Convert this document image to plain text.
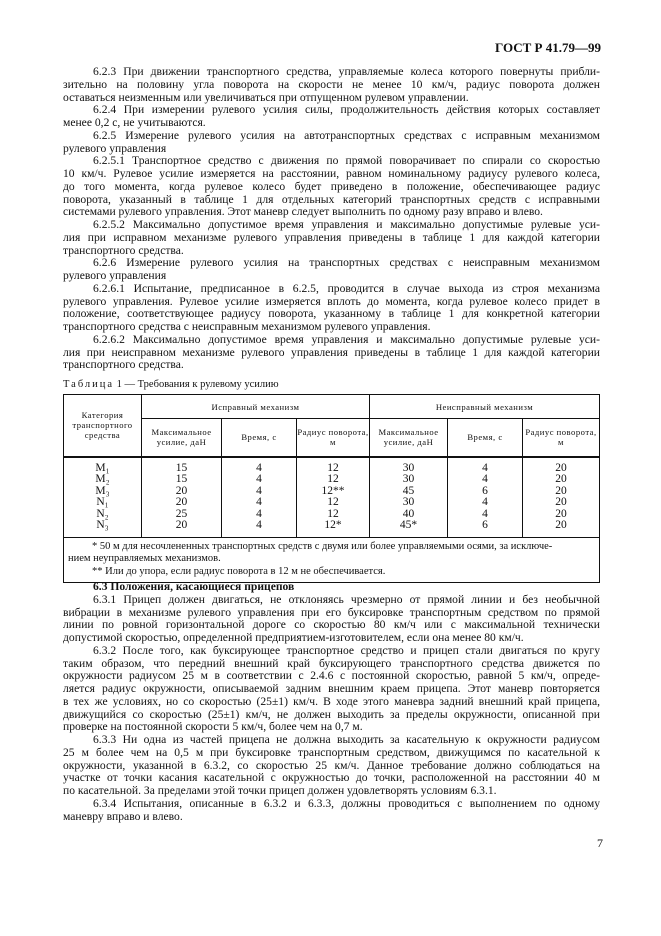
ГОСТ Р 41.79—99
6.2.3 При движении транспортного средства, управляемые колеса которого повернуты прибли-
зительно на половину угла поворота на скорости не менее 10 км/ч, радиус поворота должен
оставаться неизменным или увеличиваться при отпущенном рулевом управлении.
6.2.4 При измерении рулевого усилия силы, продолжительность действия которых составляет
менее 0,2 с, не учитываются.
6.2.5 Измерение рулевого усилия на автотранспортных средствах с исправным механизмом
рулевого управления
6.2.5.1 Транспортное средство с движения по прямой поворачивает по спирали со скоростью
10 км/ч. Рулевое усилие измеряется на расстоянии, равном номинальному радиусу рулевого колеса,
до того момента, когда рулевое колесо будет приведено в положение, обеспечивающее радиус
поворота, указанный в таблице 1 для отдельных категорий транспортных средств с исправными
системами рулевого управления. Этот маневр следует выполнить по одному разу вправо и влево.
6.2.5.2 Максимально допустимое время управления и максимально допустимые рулевые уси-
лия при исправном механизме рулевого управления приведены в таблице 1 для каждой категории
транспортного средства.
6.2.6 Измерение рулевого усилия на транспортных средствах с неисправным механизмом
рулевого управления
6.2.6.1 Испытание, предписанное в 6.2.5, проводится в случае выхода из строя механизма
рулевого управления. Рулевое усилие измеряется вплоть до момента, когда рулевое колесо придет в
положение, соответствующее радиусу поворота, указанному в таблице 1 для конкретной категории
транспортного средства с неисправным механизмом рулевого управления.
6.2.6.2 Максимально допустимое время управления и максимально допустимые рулевые уси-
лия при неисправном механизме рулевого управления приведены в таблице 1 для каждой категории
транспортного средства.
Таблица 1 — Требования к рулевому усилию
Категория транспортного средства	Исправный механизм			Неисправный механизм		
	Максимальное усилие, даН	Время, с	Радиус поворота, м	Максимальное усилие, даН	Время, с	Радиус поворота, м
M₁	15	4	12	30	4	20
M₂	15	4	12	30	4	20
M₃	20	4	12**	45	6	20
N₁	20	4	12	30	4	20
N₂	25	4	12	40	4	20
N₃	20	4	12*	45*	6	20

* 50 м для несочлененных транспортных средств с двумя или более управляемыми осями, за исключе-
нием неуправляемых механизмов.
** Или до упора, если радиус поворота в 12 м не обеспечивается.						
6.3 Положения, касающиеся прицепов
6.3.1 Прицеп должен двигаться, не отклоняясь чрезмерно от прямой линии и без необычной
вибрации в механизме рулевого управления при его буксировке транспортным средством по прямой
линии по ровной горизонтальной дороге со скоростью 80 км/ч или с максимальной технически
допустимой скоростью, определенной предприятием-изготовителем, если она менее 80 км/ч.
6.3.2 После того, как буксирующее транспортное средство и прицеп стали двигаться по кругу
таким образом, что передний внешний край буксирующего транспортного средства движется по
окружности радиусом 25 м в соответствии с 2.4.6 с постоянной скоростью, равной 5 км/ч, опреде-
ляется радиус окружности, описываемой задним внешним краем прицепа. Этот маневр повторяется
в тех же условиях, но со скоростью (25±1) км/ч. В ходе этого маневра задний внешний край прицепа,
движущийся со скоростью (25±1) км/ч, не должен выходить за пределы окружности, описанной при
проверке на постоянной скорости 5 км/ч, более чем на 0,7 м.
6.3.3 Ни одна из частей прицепа не должна выходить за касательную к окружности радиусом
25 м более чем на 0,5 м при буксировке транспортным средством, движущимся по касательной к
окружности, указанной в 6.3.2, со скоростью 25 км/ч. Данное требование должно соблюдаться на
участке от точки касания касательной с окружностью до точки, расположенной на расстоянии 40 м
по касательной. За пределами этой точки прицеп должен удовлетворять условиям 6.3.1.
6.3.4 Испытания, описанные в 6.3.2 и 6.3.3, должны проводиться с выполнением по одному
маневру вправо и влево.
7
